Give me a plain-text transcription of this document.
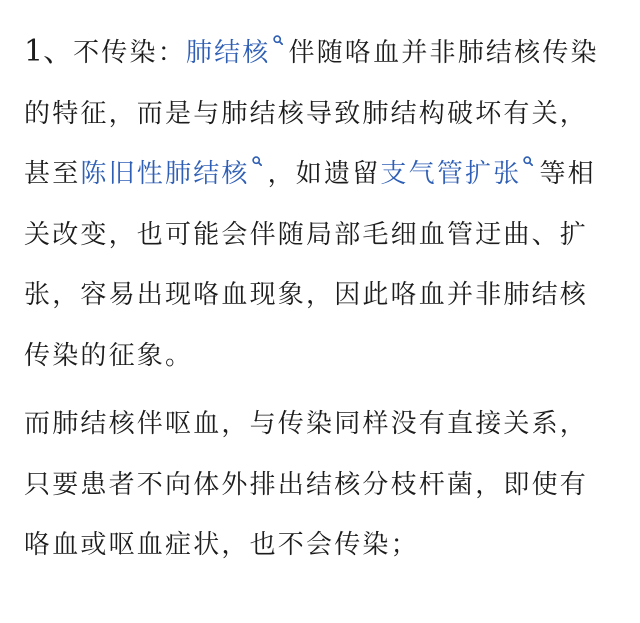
1、不传染：肺结核 伴随咯血并非肺结核传染的特征，而是与肺结核导致肺结构破坏有关，甚至陈旧性肺结核 ，如遗留支气管扩张 等相关改变，也可能会伴随局部毛细血管迂曲、扩张，容易出现咯血现象，因此咯血并非肺结核传染的征象。

而肺结核伴呕血，与传染同样没有直接关系，只要患者不向体外排出结核分枝杆菌，即使有咯血或呕血症状，也不会传染；
